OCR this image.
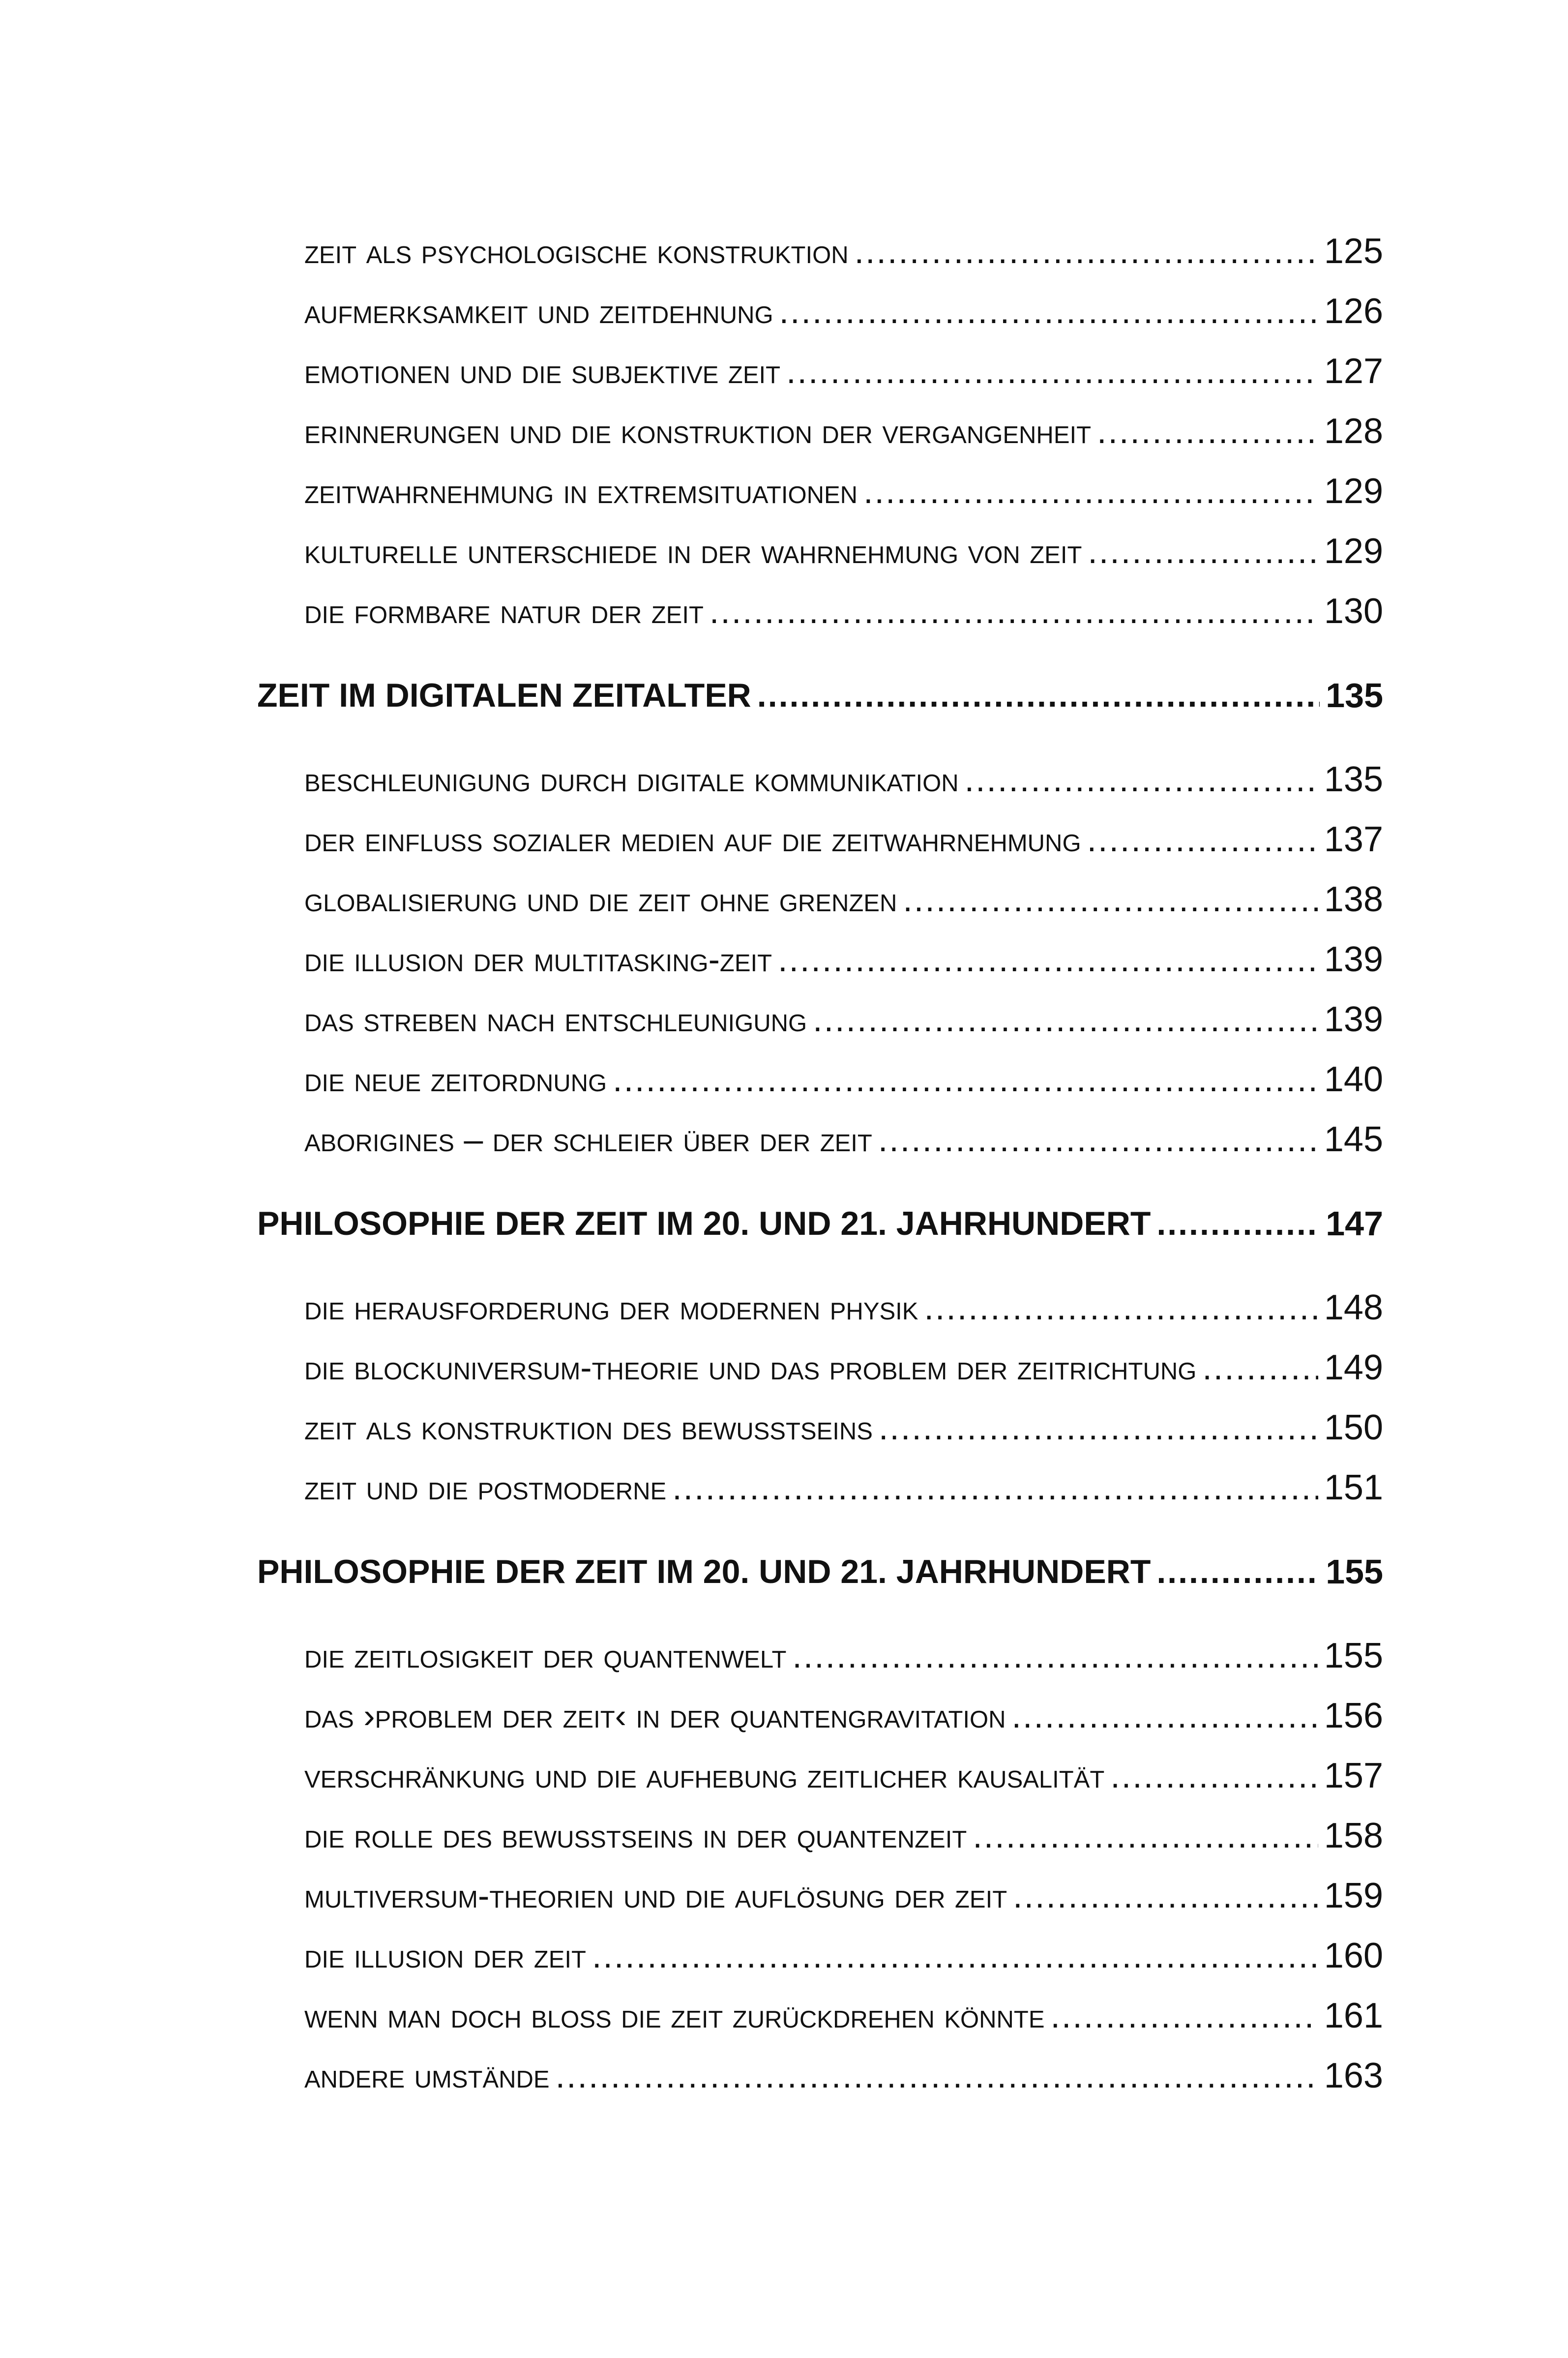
zeit als psychologische konstruktion .....	125
aufmerksamkeit und zeitdehnung .....	126
emotionen und die subjektive zeit .....	127
erinnerungen und die konstruktion der vergangenheit .....	128
zeitwahrnehmung in extremsituationen .....	129
kulturelle unterschiede in der wahrnehmung von zeit .....	129
die formbare natur der zeit .....	130
ZEIT IM DIGITALEN ZEITALTER .....	135
beschleunigung durch digitale kommunikation .....	135
der einfluss sozialer medien auf die zeitwahrnehmung .....	137
globalisierung und die zeit ohne grenzen .....	138
die illusion der multitasking-zeit .....	139
das streben nach entschleunigung .....	139
die neue zeitordnung .....	140
aborigines – der schleier über der zeit .....	145
PHILOSOPHIE DER ZEIT IM 20. UND 21. JAHRHUNDERT .....	147
die herausforderung der modernen physik .....	148
die blockuniversum-theorie und das problem der zeitrichtung .....	149
zeit als konstruktion des bewusstseins .....	150
zeit und die postmoderne .....	151
PHILOSOPHIE DER ZEIT IM 20. UND 21. JAHRHUNDERT .....	155
die zeitlosigkeit der quantenwelt .....	155
das ›problem der zeit‹ in der quantengravitation .....	156
verschränkung und die aufhebung zeitlicher kausalität .....	157
die rolle des bewusstseins in der quantenzeit .....	158
multiversum-theorien und die auflösung der zeit .....	159
die illusion der zeit .....	160
wenn man doch bloß die zeit zurückdrehen könnte .....	161
andere umstände .....	163
